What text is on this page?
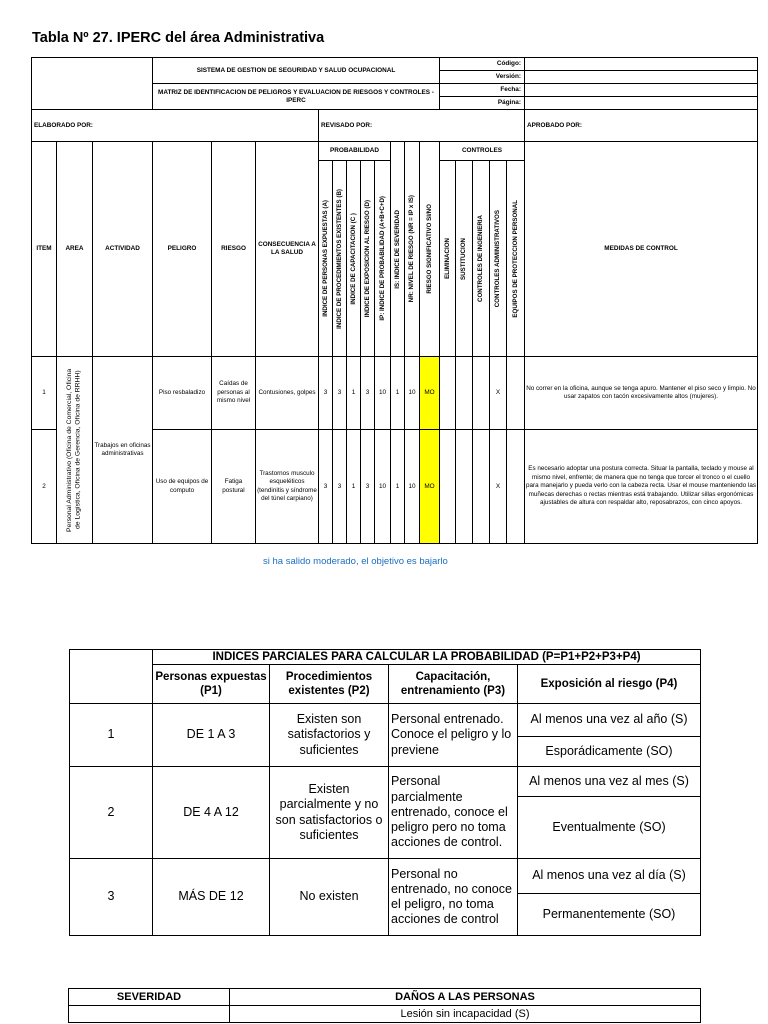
Tabla Nº 27. IPERC del área Administrativa
			SISTEMA DE GESTION DE SEGURIDAD Y SALUD OCUPACIONAL											Código:					
														Versión:					
			MATRIZ DE IDENTIFICACION DE PELIGROS Y EVALUACION DE RIESGOS Y CONTROLES - IPERC											Fecha:					
														Página:					
ELABORADO POR:						REVISADO POR:													APROBADO POR:
ITEM	AREA	ACTIVIDAD	PELIGRO	RIESGO	CONSECUENCIA A LA SALUD	PROBABILIDAD					IS: INDICE DE SEVERIDAD	NR: NIVEL DE RIESGO (NR = IP x IS)	RIESGO SIGNIFICATIVO SI/NO	CONTROLES					MEDIDAS DE CONTROL

						INDICE DE PERSONAS EXPUESTAS (A)	INDICE DE PROCEDIMIENTOS EXISTENTES (B)	INDICE DE CAPACITACION (C )	INDICE DE EXPOSICION AL RIESGO (D)	IP: INDICE DE PROBABILIDAD (A+B+C+D)				ELIMINACION	SUSTITUCION	CONTROLES DE INGENIERIA	CONTROLES ADMINISTRATIVOS	EQUIPOS DE PROTECCION PERSONAL	

1	Personal Administrativo (Oficina de Comercial, Oficina de Logística, Oficina de Gerencia, Oficina de RRHH)	Trabajos en oficinas administrativas	Piso resbaladizo	Caídas de personas al mismo nivel	Contusiones, golpes	3	3	1	3	10	1	10	MO				X		No correr en la oficina, aunque se tenga apuro. Mantener el piso seco y limpio. No usar zapatos con tacón excesivamente altos (mujeres).
2			Uso de equipos de computo	Fatiga postural	Trastornos musculo esqueléticos (tendinitis y síndrome del túnel carpiano)	3	3	1	3	10	1	10	MO				X		Es necesario adoptar una postura correcta. Situar la pantalla, teclado y mouse al mismo nivel, enfrente; de manera que no tenga que torcer el tronco o el cuello para manejarlo y pueda verlo con la cabeza recta. Usar el mouse manteniendo las muñecas derechas o rectas mientras está trabajando. Utilizar sillas ergonómicas ajustables de altura con respaldar alto, reposabrazos, con cinco apoyos.
si ha salido moderado, el objetivo es bajarlo
	INDICES PARCIALES PARA CALCULAR LA PROBABILIDAD (P=P1+P2+P3+P4)			
	Personas expuestas (P1)	Procedimientos existentes (P2)	Capacitación, entrenamiento (P3)	Exposición al riesgo (P4)
1	DE 1 A 3	Existen son satisfactorios y suficientes	Personal entrenado. Conoce el peligro y lo previene	Al menos una vez al año (S)
				Esporádicamente (SO)
2	DE 4 A 12	Existen parcialmente y no son satisfactorios o suficientes	Personal parcialmente entrenado, conoce el peligro pero no toma acciones de control.	Al menos una vez al mes (S)
				Eventualmente (SO)
3	MÁS DE 12	No existen	Personal no entrenado, no conoce el peligro, no toma acciones de control	Al menos una vez al día (S)
				Permanentemente (SO)
SEVERIDAD	DAÑOS A LAS PERSONAS
	Lesión sin incapacidad (S)
